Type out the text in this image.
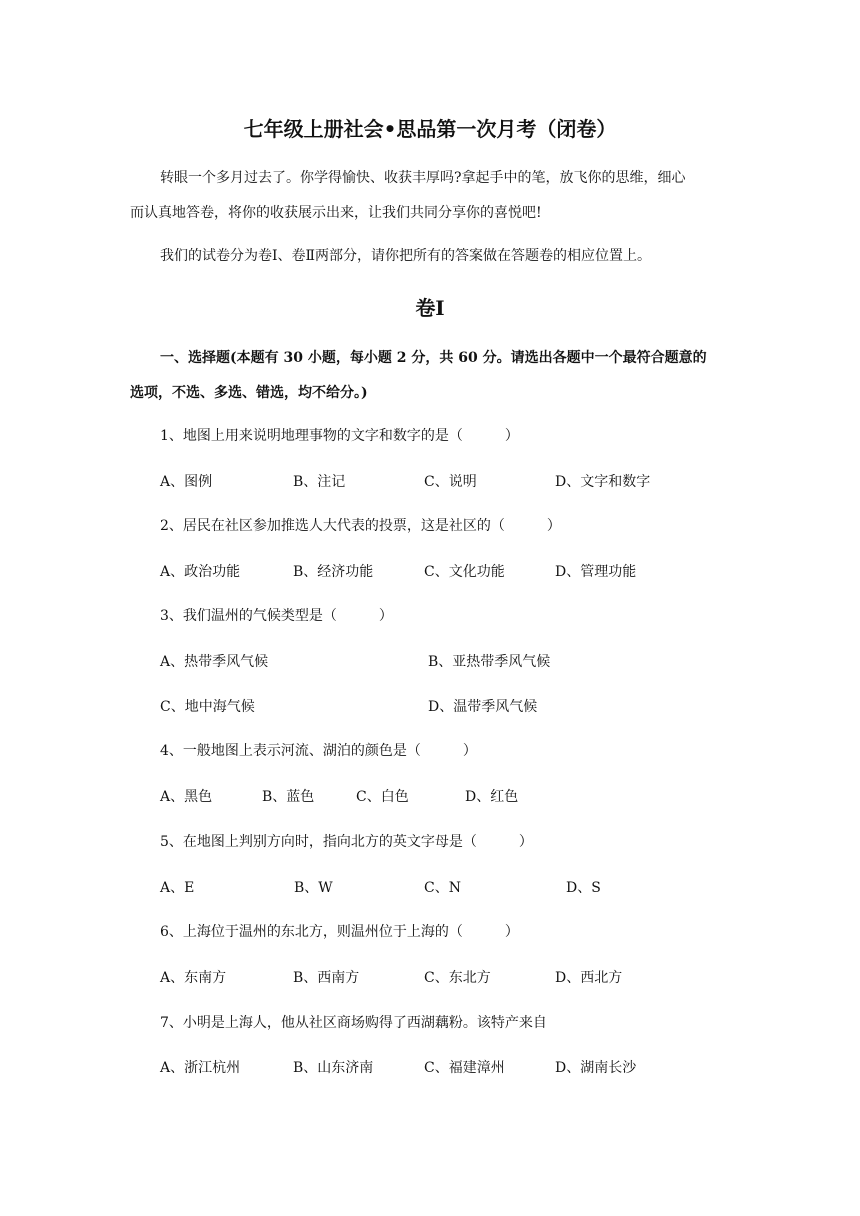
七年级上册社会•思品第一次月考（闭卷）
转眼一个多月过去了。你学得愉快、收获丰厚吗?拿起手中的笔，放飞你的思维，细心
而认真地答卷，将你的收获展示出来，让我们共同分享你的喜悦吧!
我们的试卷分为卷Ⅰ、卷Ⅱ两部分，请你把所有的答案做在答题卷的相应位置上。
卷Ⅰ
一、选择题(本题有 30 小题，每小题 2 分，共 60 分。请选出各题中一个最符合题意的
选项，不选、多选、错选，均不给分。)
1、地图上用来说明地理事物的文字和数字的是（　　　）
A、图例	B、注记	C、说明	D、文字和数字
2、居民在社区参加推选人大代表的投票，这是社区的（　　　）
A、政治功能	B、经济功能	C、文化功能	D、管理功能
3、我们温州的气候类型是（　　　）
A、热带季风气候	B、亚热带季风气候
C、地中海气候	D、温带季风气候
4、一般地图上表示河流、湖泊的颜色是（　　　）
A、黑色	B、蓝色	C、白色	D、红色
5、在地图上判别方向时，指向北方的英文字母是（　　　）
A、E	B、W	C、N	D、S
6、上海位于温州的东北方，则温州位于上海的（　　　）
A、东南方	B、西南方	C、东北方	D、西北方
7、小明是上海人，他从社区商场购得了西湖藕粉。该特产来自
A、浙江杭州	B、山东济南	C、福建漳州	D、湖南长沙
